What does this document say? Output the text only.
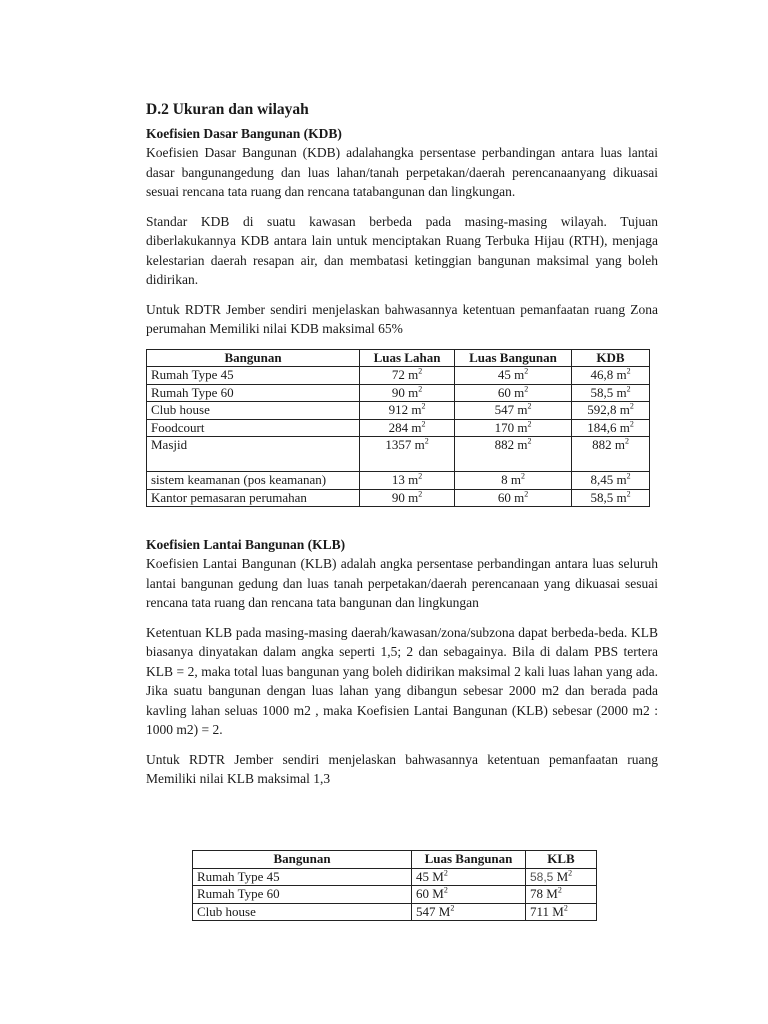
D.2 Ukuran dan wilayah
Koefisien Dasar Bangunan (KDB)

Koefisien Dasar Bangunan (KDB) adalahangka persentase perbandingan antara luas lantai dasar bangunangedung dan luas lahan/tanah perpetakan/daerah perencanaanyang dikuasai sesuai rencana tata ruang dan rencana tatabangunan dan lingkungan.

Standar KDB di suatu kawasan berbeda pada masing-masing wilayah. Tujuan diberlakukannya KDB antara lain untuk menciptakan Ruang Terbuka Hijau (RTH), menjaga kelestarian daerah resapan air, dan membatasi ketinggian bangunan maksimal yang boleh didirikan.

Untuk RDTR Jember sendiri menjelaskan bahwasannya ketentuan pemanfaatan ruang Zona perumahan Memiliki nilai KDB maksimal 65%

Bangunan	Luas Lahan	Luas Bangunan	KDB
Rumah Type 45	72 $m^2$	45 $m^2$	46,8 $m^2$
Rumah Type 60	90 $m^2$	60 $m^2$	58,5 $m^2$
Club house	912 $m^2$	547 $m^2$	592,8 $m^2$
Foodcourt	284 $m^2$	170 $m^2$	184,6 $m^2$
Masjid	1357 $m^2$	882 $m^2$	882 $m^2$
sistem keamanan (pos keamanan)	13 $m^2$	8 $m^2$	8,45 $m^2$
Kantor pemasaran perumahan	90 $m^2$	60 $m^2$	58,5 $m^2$
Koefisien Lantai Bangunan (KLB)

Koefisien Lantai Bangunan (KLB) adalah angka persentase perbandingan antara luas seluruh lantai bangunan gedung dan luas tanah perpetakan/daerah perencanaan yang dikuasai sesuai rencana tata ruang dan rencana tata bangunan dan lingkungan

Ketentuan KLB pada masing-masing daerah/kawasan/zona/subzona dapat berbeda-beda. KLB biasanya dinyatakan dalam angka seperti 1,5; 2 dan sebagainya. Bila di dalam PBS tertera KLB = 2, maka total luas bangunan yang boleh didirikan maksimal 2 kali luas lahan yang ada. Jika suatu bangunan dengan luas lahan yang dibangun sebesar 2000 m2 dan berada pada kavling lahan seluas 1000 m2 , maka Koefisien Lantai Bangunan (KLB) sebesar (2000 m2 : 1000 m2) = 2.

Untuk RDTR Jember sendiri menjelaskan bahwasannya ketentuan pemanfaatan ruang Memiliki nilai KLB maksimal 1,3

Bangunan	Luas Bangunan	KLB
Rumah Type 45	45 $M^2$	58,5 $M^2$
Rumah Type 60	60 $M^2$	78 $M^2$
Club house	547 $M^2$	711 $M^2$
